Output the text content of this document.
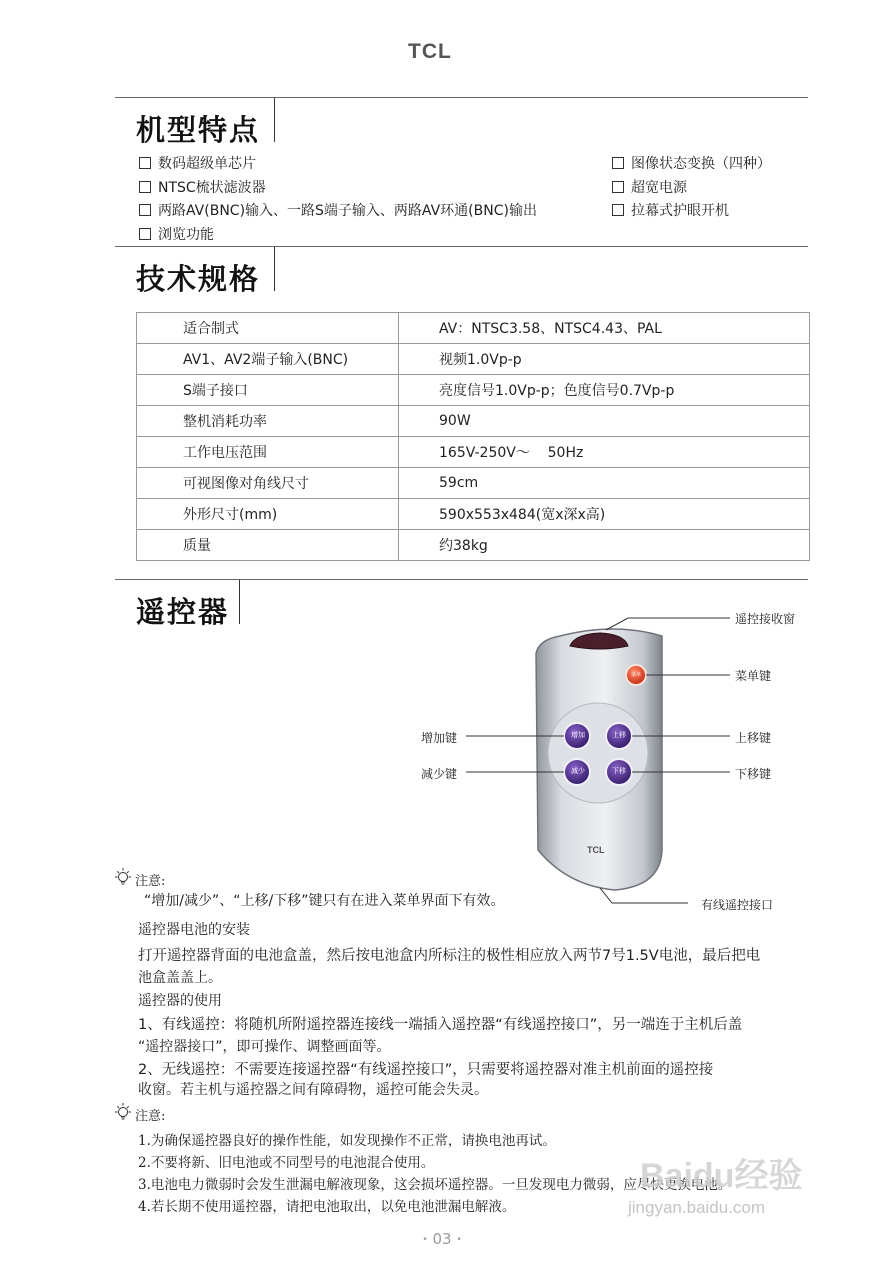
TCL
机型特点
数码超级单芯片
NTSC梳状滤波器
两路AV(BNC)输入、一路S端子输入、两路AV环通(BNC)输出
浏览功能
图像状态变换（四种）
超宽电源
拉幕式护眼开机
技术规格
适合制式	AV：NTSC3.58、NTSC4.43、PAL
AV1、AV2端子输入(BNC)	视频1.0Vp-p
S端子接口	亮度信号1.0Vp-p；色度信号0.7Vp-p
整机消耗功率	90W
工作电压范围	165V-250V～    50Hz
可视图像对角线尺寸	59cm
外形尺寸(mm)	590x553x484(宽x深x高)
质量	约38kg
遥控器
增加	上移
减少	下移
菜单
TCL
遥控接收窗
菜单键
上移键
下移键
增加键
减少键
有线遥控接口
注意:
“增加/减少”、“上移/下移”键只有在进入菜单界面下有效。
遥控器电池的安装
打开遥控器背面的电池盒盖，然后按电池盒内所标注的极性相应放入两节7号1.5V电池，最后把电
池盒盖盖上。
遥控器的使用
1、有线遥控：将随机所附遥控器连接线一端插入遥控器“有线遥控接口”，另一端连于主机后盖
“遥控器接口”，即可操作、调整画面等。
2、无线遥控：不需要连接遥控器“有线遥控接口”，只需要将遥控器对准主机前面的遥控接
收窗。若主机与遥控器之间有障碍物，遥控可能会失灵。
注意:
1.为确保遥控器良好的操作性能，如发现操作不正常，请换电池再试。
2.不要将新、旧电池或不同型号的电池混合使用。
3.电池电力微弱时会发生泄漏电解液现象，这会损坏遥控器。一旦发现电力微弱，应尽快更换电池。
4.若长期不使用遥控器，请把电池取出，以免电池泄漏电解液。
Baidu经验
jingyan.baidu.com
• 03 •
